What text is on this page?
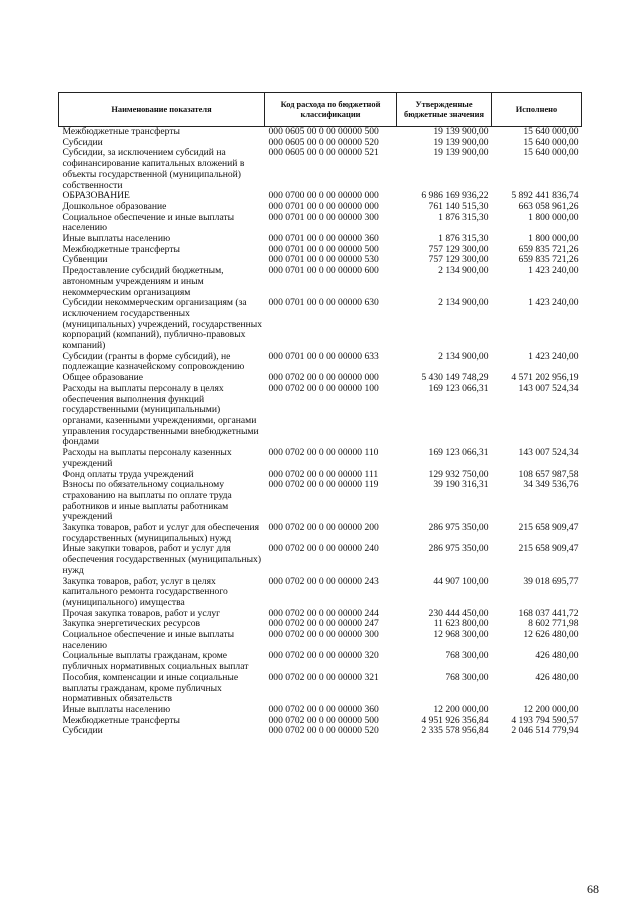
Наименование показателя	Код расхода по бюджетной классификации	Утвержденные бюджетные значения	Исполнено
Межбюджетные трансферты	000 0605 00 0 00 00000 500	19 139 900,00	15 640 000,00
Субсидии	000 0605 00 0 00 00000 520	19 139 900,00	15 640 000,00
Субсидии, за исключением субсидий на софинансирование капитальных вложений в объекты государственной (муниципальной) собственности	000 0605 00 0 00 00000 521	19 139 900,00	15 640 000,00
ОБРАЗОВАНИЕ	000 0700 00 0 00 00000 000	6 986 169 936,22	5 892 441 836,74
Дошкольное образование	000 0701 00 0 00 00000 000	761 140 515,30	663 058 961,26
Социальное обеспечение и иные выплаты населению	000 0701 00 0 00 00000 300	1 876 315,30	1 800 000,00
Иные выплаты населению	000 0701 00 0 00 00000 360	1 876 315,30	1 800 000,00
Межбюджетные трансферты	000 0701 00 0 00 00000 500	757 129 300,00	659 835 721,26
Субвенции	000 0701 00 0 00 00000 530	757 129 300,00	659 835 721,26
Предоставление субсидий бюджетным, автономным учреждениям и иным некоммерческим организациям	000 0701 00 0 00 00000 600	2 134 900,00	1 423 240,00
Субсидии некоммерческим организациям (за исключением государственных (муниципальных) учреждений, государственных корпораций (компаний), публично-правовых компаний)	000 0701 00 0 00 00000 630	2 134 900,00	1 423 240,00
Субсидии (гранты в форме субсидий), не подлежащие казначейскому сопровождению	000 0701 00 0 00 00000 633	2 134 900,00	1 423 240,00
Общее образование	000 0702 00 0 00 00000 000	5 430 149 748,29	4 571 202 956,19
Расходы на выплаты персоналу в целях обеспечения выполнения функций государственными (муниципальными) органами, казенными учреждениями, органами управления государственными внебюджетными фондами	000 0702 00 0 00 00000 100	169 123 066,31	143 007 524,34
Расходы на выплаты персоналу казенных учреждений	000 0702 00 0 00 00000 110	169 123 066,31	143 007 524,34
Фонд оплаты труда учреждений	000 0702 00 0 00 00000 111	129 932 750,00	108 657 987,58
Взносы по обязательному социальному страхованию на выплаты по оплате труда работников и иные выплаты работникам учреждений	000 0702 00 0 00 00000 119	39 190 316,31	34 349 536,76
Закупка товаров, работ и услуг для обеспечения государственных (муниципальных) нужд	000 0702 00 0 00 00000 200	286 975 350,00	215 658 909,47
Иные закупки товаров, работ и услуг для обеспечения государственных (муниципальных) нужд	000 0702 00 0 00 00000 240	286 975 350,00	215 658 909,47
Закупка товаров, работ, услуг в целях капитального ремонта государственного (муниципального) имущества	000 0702 00 0 00 00000 243	44 907 100,00	39 018 695,77
Прочая закупка товаров, работ и услуг	000 0702 00 0 00 00000 244	230 444 450,00	168 037 441,72
Закупка энергетических ресурсов	000 0702 00 0 00 00000 247	11 623 800,00	8 602 771,98
Социальное обеспечение и иные выплаты населению	000 0702 00 0 00 00000 300	12 968 300,00	12 626 480,00
Социальные выплаты гражданам, кроме публичных нормативных социальных выплат	000 0702 00 0 00 00000 320	768 300,00	426 480,00
Пособия, компенсации и иные социальные выплаты гражданам, кроме публичных нормативных обязательств	000 0702 00 0 00 00000 321	768 300,00	426 480,00
Иные выплаты населению	000 0702 00 0 00 00000 360	12 200 000,00	12 200 000,00
Межбюджетные трансферты	000 0702 00 0 00 00000 500	4 951 926 356,84	4 193 794 590,57
Субсидии	000 0702 00 0 00 00000 520	2 335 578 956,84	2 046 514 779,94
68
